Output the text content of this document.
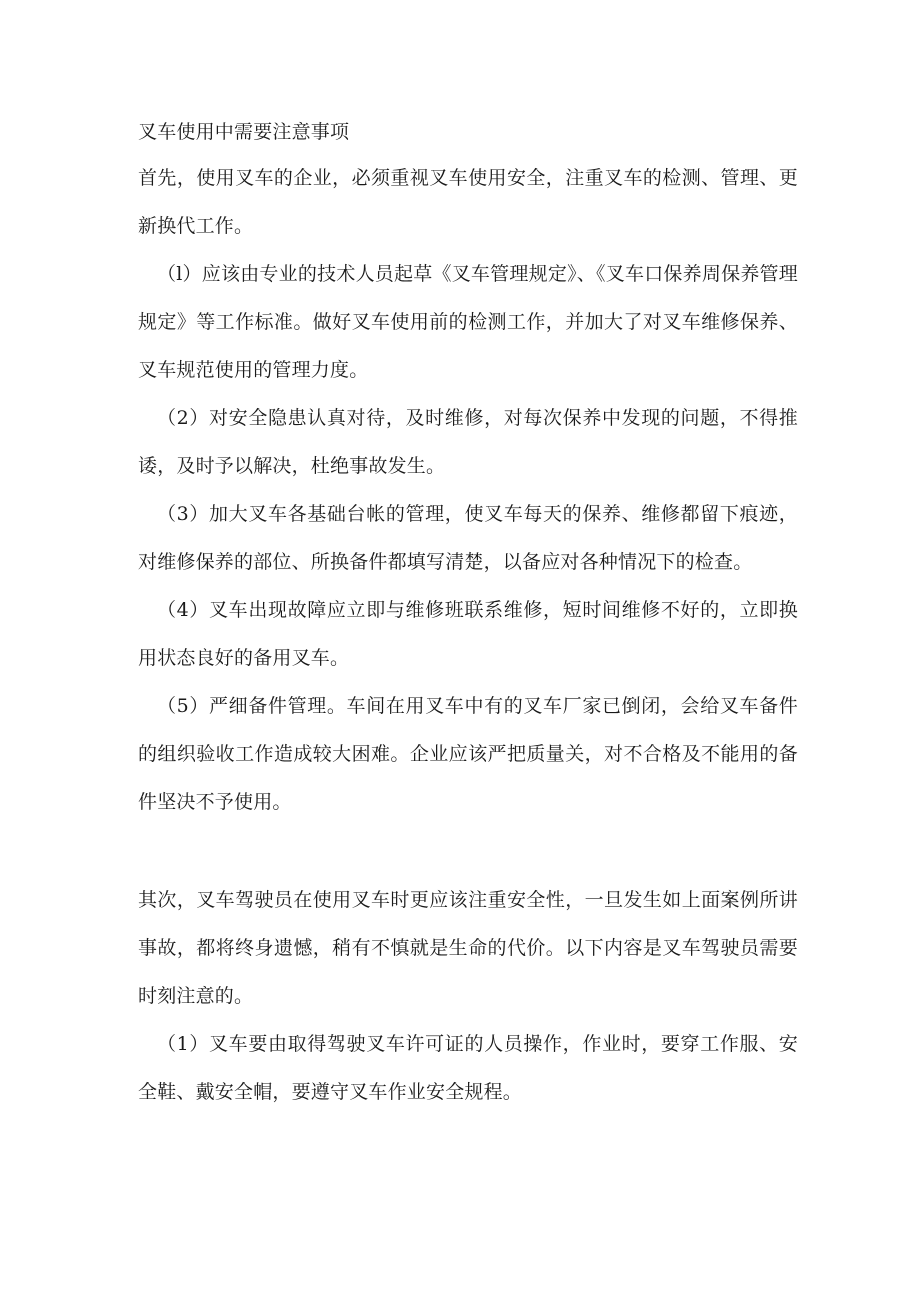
叉车使用中需要注意事项

首先，使用叉车的企业，必须重视叉车使用安全，注重叉车的检测、管理、更新换代工作。

（l）应该由专业的技术人员起草《叉车管理规定》、《叉车口保养周保养管理规定》等工作标准。做好叉车使用前的检测工作，并加大了对叉车维修保养、叉车规范使用的管理力度。

（2）对安全隐患认真对待，及时维修，对每次保养中发现的问题，不得推诿，及时予以解决，杜绝事故发生。

（3）加大叉车各基础台帐的管理，使叉车每天的保养、维修都留下痕迹，对维修保养的部位、所换备件都填写清楚，以备应对各种情况下的检查。

（4）叉车出现故障应立即与维修班联系维修，短时间维修不好的，立即换用状态良好的备用叉车。

（5）严细备件管理。车间在用叉车中有的叉车厂家已倒闭，会给叉车备件的组织验收工作造成较大困难。企业应该严把质量关，对不合格及不能用的备件坚决不予使用。

其次，叉车驾驶员在使用叉车时更应该注重安全性，一旦发生如上面案例所讲事故，都将终身遗憾，稍有不慎就是生命的代价。以下内容是叉车驾驶员需要时刻注意的。

（1）叉车要由取得驾驶叉车许可证的人员操作，作业时，要穿工作服、安全鞋、戴安全帽，要遵守叉车作业安全规程。
